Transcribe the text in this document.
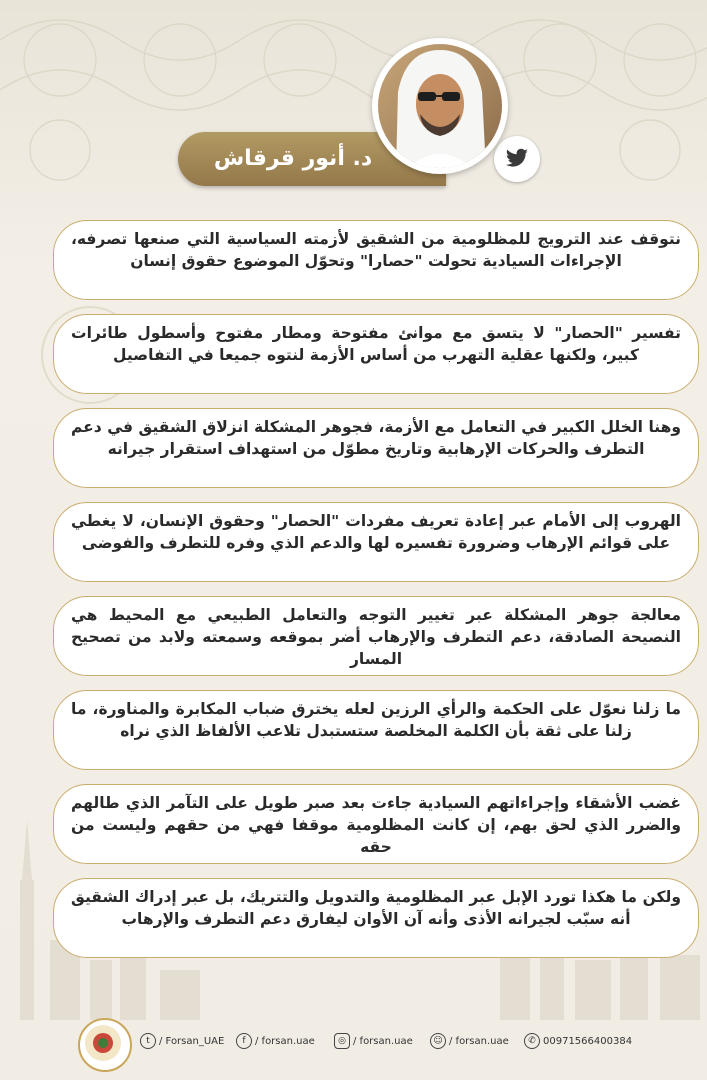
د. أنور قرقاش
نتوقف عند الترويج للمظلومية من الشقيق لأزمته السياسية التي صنعها تصرفه، الإجراءات السيادية تحولت "حصارا" وتحوّل الموضوع حقوق إنسان
تفسير "الحصار" لا يتسق مع موانئ مفتوحة ومطار مفتوح وأسطول طائرات كبير، ولكنها عقلية التهرب من أساس الأزمة لنتوه جميعا في التفاصيل
وهنا الخلل الكبير في التعامل مع الأزمة، فجوهر المشكلة انزلاق الشقيق في دعم التطرف والحركات الإرهابية وتاريخ مطوّل من استهداف استقرار جيرانه
الهروب إلى الأمام عبر إعادة تعريف مفردات "الحصار" وحقوق الإنسان، لا يغطي على قوائم الإرهاب وضرورة تفسيره لها والدعم الذي وفره للتطرف والفوضى
معالجة جوهر المشكلة عبر تغيير التوجه والتعامل الطبيعي مع المحيط هي النصيحة الصادقة، دعم التطرف والإرهاب أضر بموقعه وسمعته ولابد من تصحيح المسار
ما زلنا نعوّل على الحكمة والرأي الرزين لعله يخترق ضباب المكابرة والمناورة، ما زلنا على ثقة بأن الكلمة المخلصة ستستبدل تلاعب الألفاظ الذي نراه
غضب الأشقاء وإجراءاتهم السيادية جاءت بعد صبر طويل على التآمر الذي طالهم والضرر الذي لحق بهم، إن كانت المظلومية موقفا فهي من حقهم وليست من حقه
ولكن ما هكذا تورد الإبل عبر المظلومية والتدويل والتتريك، بل عبر إدراك الشقيق أنه سبّب لجيرانه الأذى وأنه آن الأوان ليفارق دعم التطرف والإرهاب
t / Forsan_UAE	f / forsan.uae	◎ / forsan.uae	☺ / forsan.uae	✆ 00971566400384
